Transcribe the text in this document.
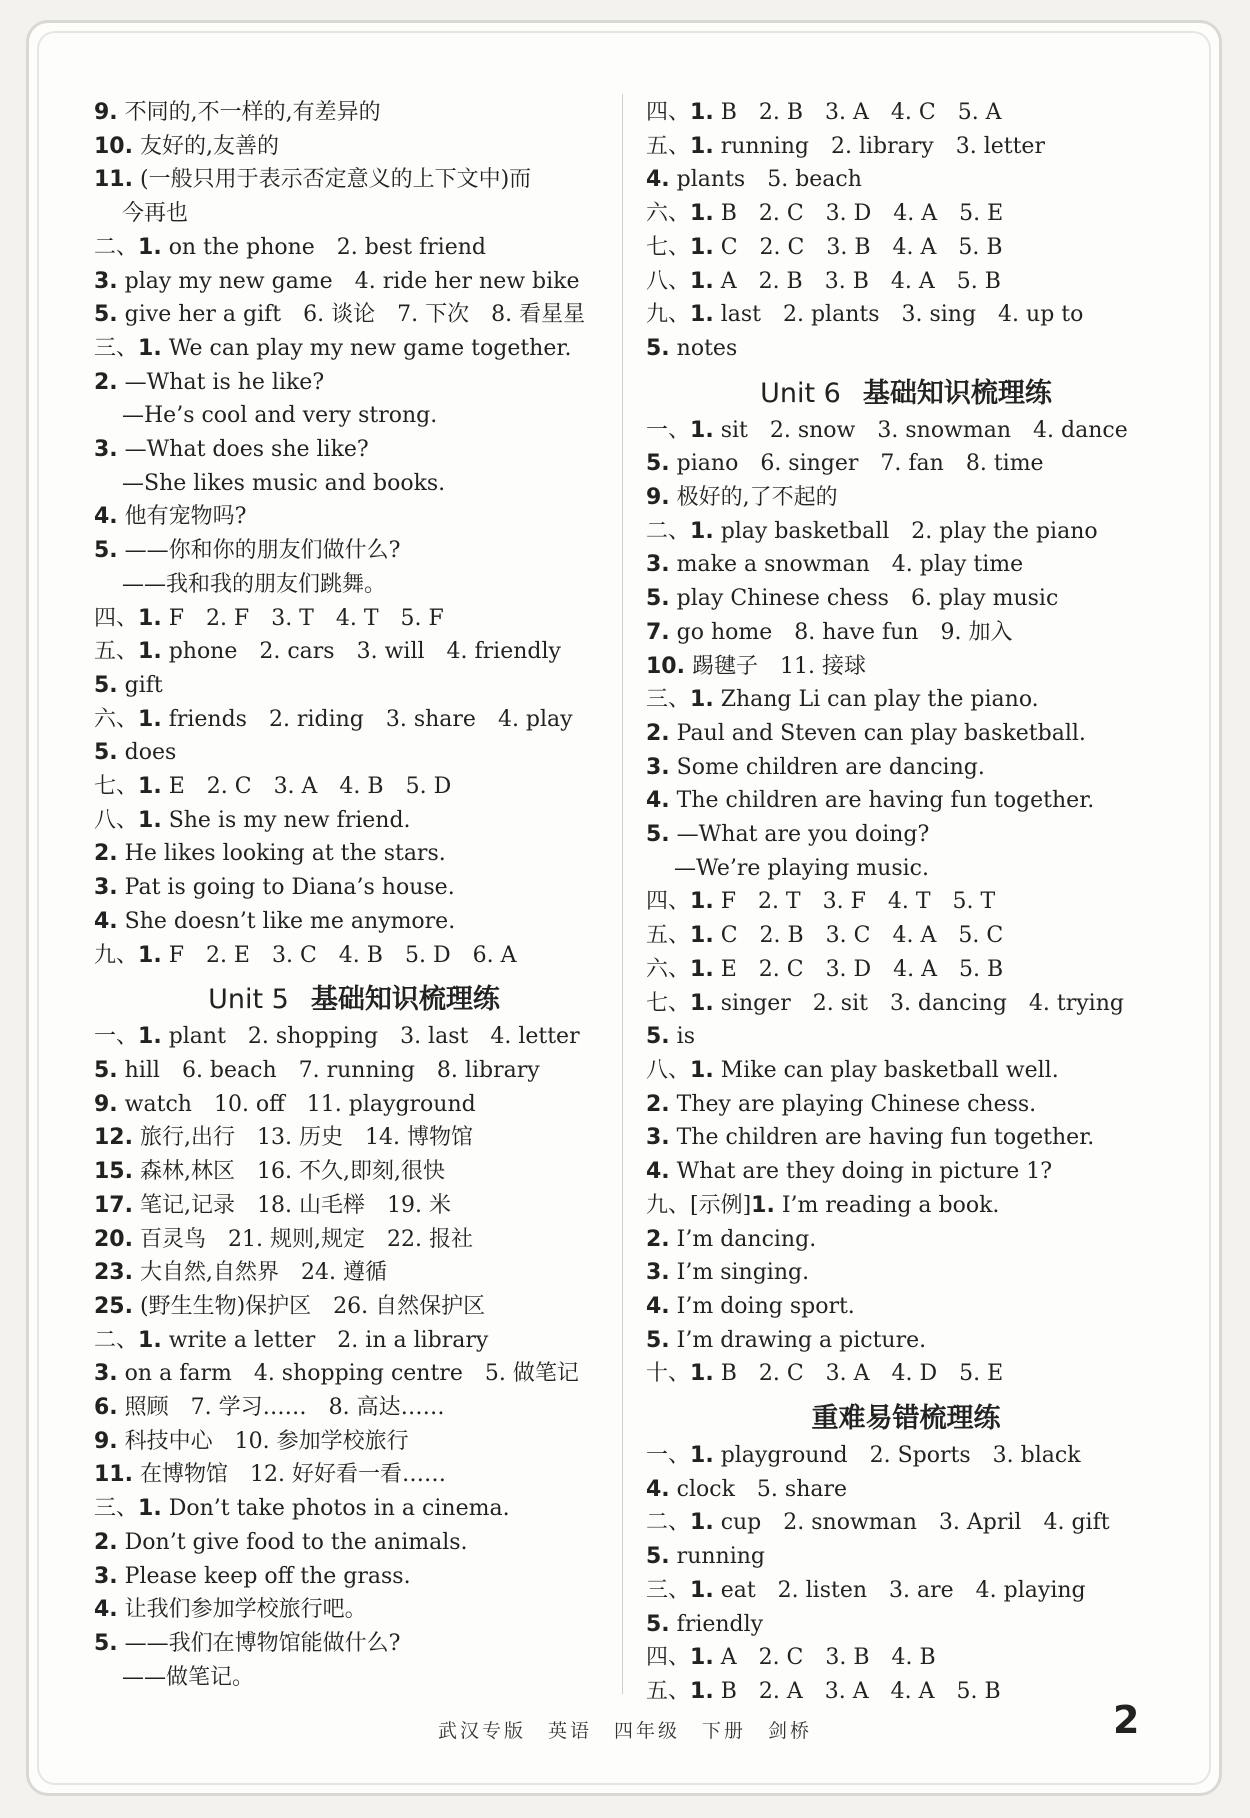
9. 不同的,不一样的,有差异的
10. 友好的,友善的
11. (一般只用于表示否定意义的上下文中)而
今再也
二、1. on the phone　2. best friend
3. play my new game　4. ride her new bike
5. give her a gift　6. 谈论　7. 下次　8. 看星星
三、1. We can play my new game together.
2. —What is he like?
—He’s cool and very strong.
3. —What does she like?
—She likes music and books.
4. 他有宠物吗?
5. ——你和你的朋友们做什么?
——我和我的朋友们跳舞。
四、1. F　2. F　3. T　4. T　5. F
五、1. phone　2. cars　3. will　4. friendly
5. gift
六、1. friends　2. riding　3. share　4. play
5. does
七、1. E　2. C　3. A　4. B　5. D
八、1. She is my new friend.
2. He likes looking at the stars.
3. Pat is going to Diana’s house.
4. She doesn’t like me anymore.
九、1. F　2. E　3. C　4. B　5. D　6. A
Unit 5 基础知识梳理练
一、1. plant　2. shopping　3. last　4. letter
5. hill　6. beach　7. running　8. library
9. watch　10. off　11. playground
12. 旅行,出行　13. 历史　14. 博物馆
15. 森林,林区　16. 不久,即刻,很快
17. 笔记,记录　18. 山毛榉　19. 米
20. 百灵鸟　21. 规则,规定　22. 报社
23. 大自然,自然界　24. 遵循
25. (野生生物)保护区　26. 自然保护区
二、1. write a letter　2. in a library
3. on a farm　4. shopping centre　5. 做笔记
6. 照顾　7. 学习……　8. 高达……
9. 科技中心　10. 参加学校旅行
11. 在博物馆　12. 好好看一看……
三、1. Don’t take photos in a cinema.
2. Don’t give food to the animals.
3. Please keep off the grass.
4. 让我们参加学校旅行吧。
5. ——我们在博物馆能做什么?
——做笔记。
四、1. B　2. B　3. A　4. C　5. A
五、1. running　2. library　3. letter
4. plants　5. beach
六、1. B　2. C　3. D　4. A　5. E
七、1. C　2. C　3. B　4. A　5. B
八、1. A　2. B　3. B　4. A　5. B
九、1. last　2. plants　3. sing　4. up to
5. notes
Unit 6 基础知识梳理练
一、1. sit　2. snow　3. snowman　4. dance
5. piano　6. singer　7. fan　8. time
9. 极好的,了不起的
二、1. play basketball　2. play the piano
3. make a snowman　4. play time
5. play Chinese chess　6. play music
7. go home　8. have fun　9. 加入
10. 踢毽子　11. 接球
三、1. Zhang Li can play the piano.
2. Paul and Steven can play basketball.
3. Some children are dancing.
4. The children are having fun together.
5. —What are you doing?
—We’re playing music.
四、1. F　2. T　3. F　4. T　5. T
五、1. C　2. B　3. C　4. A　5. C
六、1. E　2. C　3. D　4. A　5. B
七、1. singer　2. sit　3. dancing　4. trying
5. is
八、1. Mike can play basketball well.
2. They are playing Chinese chess.
3. The children are having fun together.
4. What are they doing in picture 1?
九、[示例]1. I’m reading a book.
2. I’m dancing.
3. I’m singing.
4. I’m doing sport.
5. I’m drawing a picture.
十、1. B　2. C　3. A　4. D　5. E
重难易错梳理练
一、1. playground　2. Sports　3. black
4. clock　5. share
二、1. cup　2. snowman　3. April　4. gift
5. running
三、1. eat　2. listen　3. are　4. playing
5. friendly
四、1. A　2. C　3. B　4. B
五、1. B　2. A　3. A　4. A　5. B
武汉专版　英语　四年级　下册　剑桥	2
